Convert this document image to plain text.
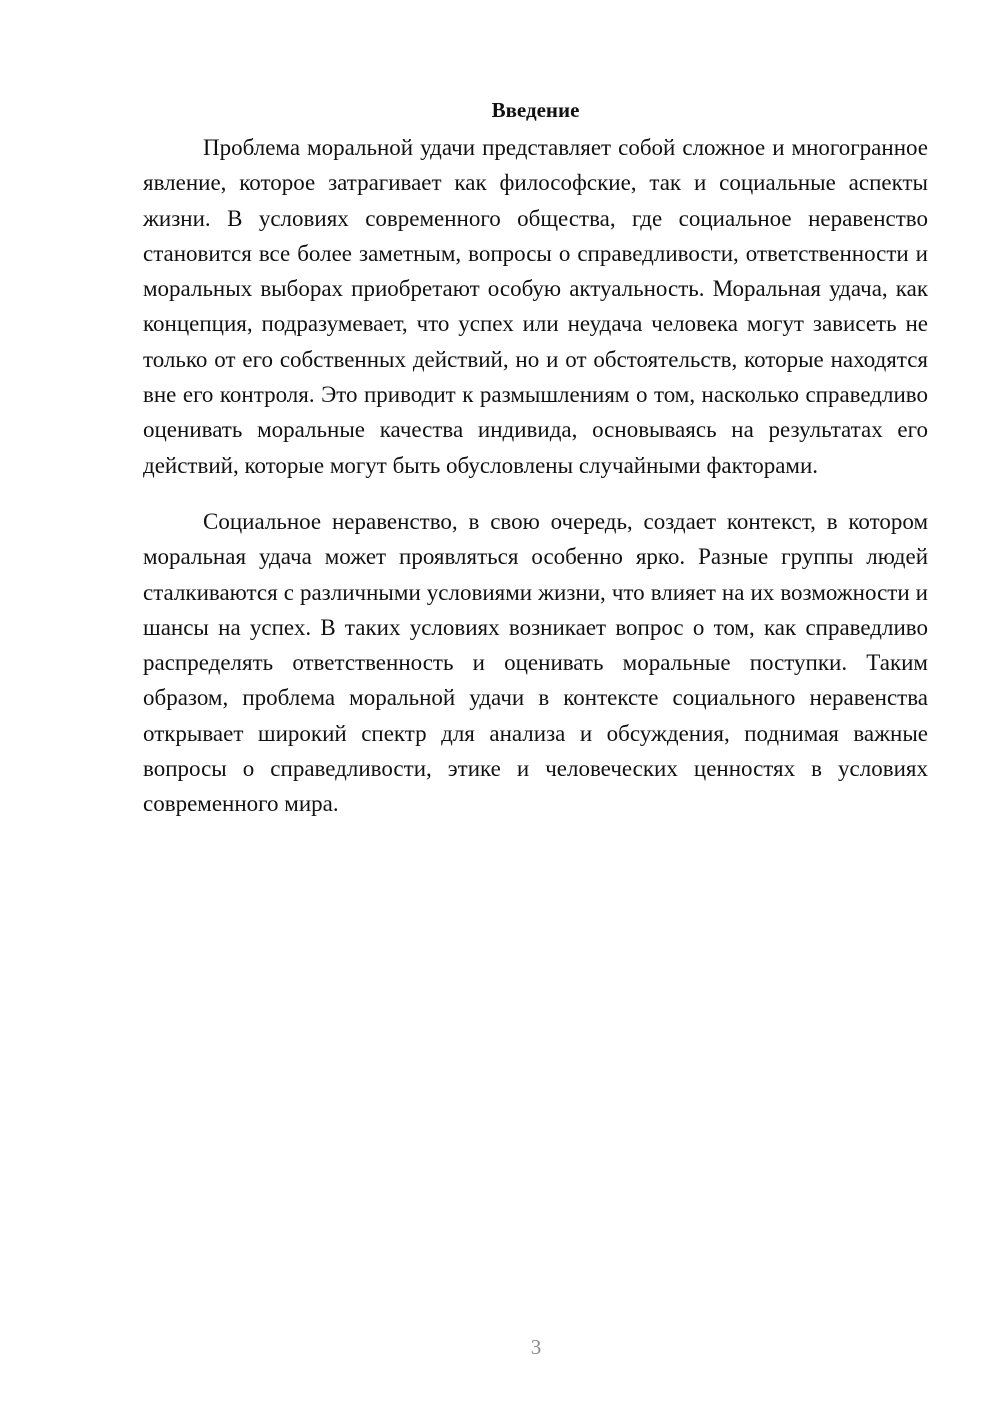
Введение

Проблема моральной удачи представляет собой сложное и многогранное явление, которое затрагивает как философские, так и социальные аспекты жизни. В условиях современного общества, где социальное неравенство становится все более заметным, вопросы о справедливости, ответственности и моральных выборах приобретают особую актуальность. Моральная удача, как концепция, подразумевает, что успех или неудача человека могут зависеть не только от его собственных действий, но и от обстоятельств, которые находятся вне его контроля. Это приводит к размышлениям о том, насколько справедливо оценивать моральные качества индивида, основываясь на результатах его действий, которые могут быть обусловлены случайными факторами.

Социальное неравенство, в свою очередь, создает контекст, в котором моральная удача может проявляться особенно ярко. Разные группы людей сталкиваются с различными условиями жизни, что влияет на их возможности и шансы на успех. В таких условиях возникает вопрос о том, как справедливо распределять ответственность и оценивать моральные поступки. Таким образом, проблема моральной удачи в контексте социального неравенства открывает широкий спектр для анализа и обсуждения, поднимая важные вопросы о справедливости, этике и человеческих ценностях в условиях современного мира.

3
